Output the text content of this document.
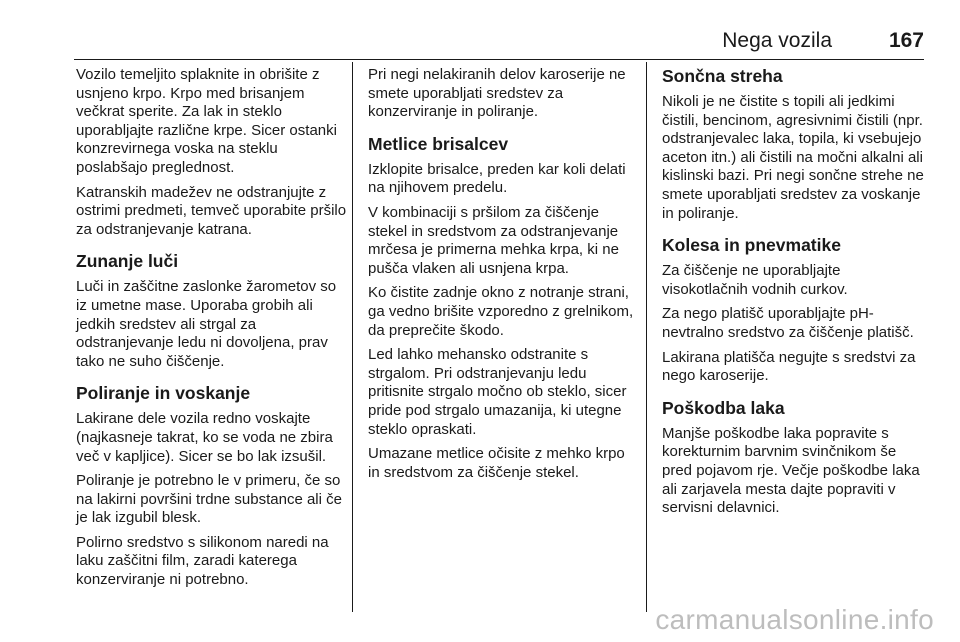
Nega vozila	167

Vozilo temeljito splaknite in obrišite z usnjeno krpo. Krpo med brisanjem večkrat sperite. Za lak in steklo uporabljajte različne krpe. Sicer ostanki konzrevirnega voska na steklu poslabšajo preglednost.

Katranskih madežev ne odstranjujte z ostrimi predmeti, temveč uporabite pršilo za odstranjevanje katrana.

Zunanje luči

Luči in zaščitne zaslonke žarometov so iz umetne mase. Uporaba grobih ali jedkih sredstev ali strgal za odstranjevanje ledu ni dovoljena, prav tako ne suho čiščenje.

Poliranje in voskanje

Lakirane dele vozila redno voskajte (najkasneje takrat, ko se voda ne zbira več v kapljice). Sicer se bo lak izsušil.

Poliranje je potrebno le v primeru, če so na lakirni površini trdne substance ali če je lak izgubil blesk.

Polirno sredstvo s silikonom naredi na laku zaščitni film, zaradi katerega konzerviranje ni potrebno.

Pri negi nelakiranih delov karoserije ne smete uporabljati sredstev za konzerviranje in poliranje.

Metlice brisalcev

Izklopite brisalce, preden kar koli delati na njihovem predelu.

V kombinaciji s pršilom za čiščenje stekel in sredstvom za odstranjevanje mrčesa je primerna mehka krpa, ki ne pušča vlaken ali usnjena krpa.

Ko čistite zadnje okno z notranje strani, ga vedno brišite vzporedno z grelnikom, da preprečite škodo.

Led lahko mehansko odstranite s strgalom. Pri odstranjevanju ledu pritisnite strgalo močno ob steklo, sicer pride pod strgalo umazanija, ki utegne steklo opraskati.

Umazane metlice očisite z mehko krpo in sredstvom za čiščenje stekel.

Sončna streha

Nikoli je ne čistite s topili ali jedkimi čistili, bencinom, agresivnimi čistili (npr. odstranjevalec laka, topila, ki vsebujejo aceton itn.) ali čistili na močni alkalni ali kislinski bazi. Pri negi sončne strehe ne smete uporabljati sredstev za voskanje in poliranje.

Kolesa in pnevmatike

Za čiščenje ne uporabljajte visokotlačnih vodnih curkov.

Za nego platišč uporabljajte pH-nevtralno sredstvo za čiščenje platišč.

Lakirana platišča negujte s sredstvi za nego karoserije.

Poškodba laka

Manjše poškodbe laka popravite s korekturnim barvnim svinčnikom še pred pojavom rje. Večje poškodbe laka ali zarjavela mesta dajte popraviti v servisni delavnici.

carmanualsonline.info
